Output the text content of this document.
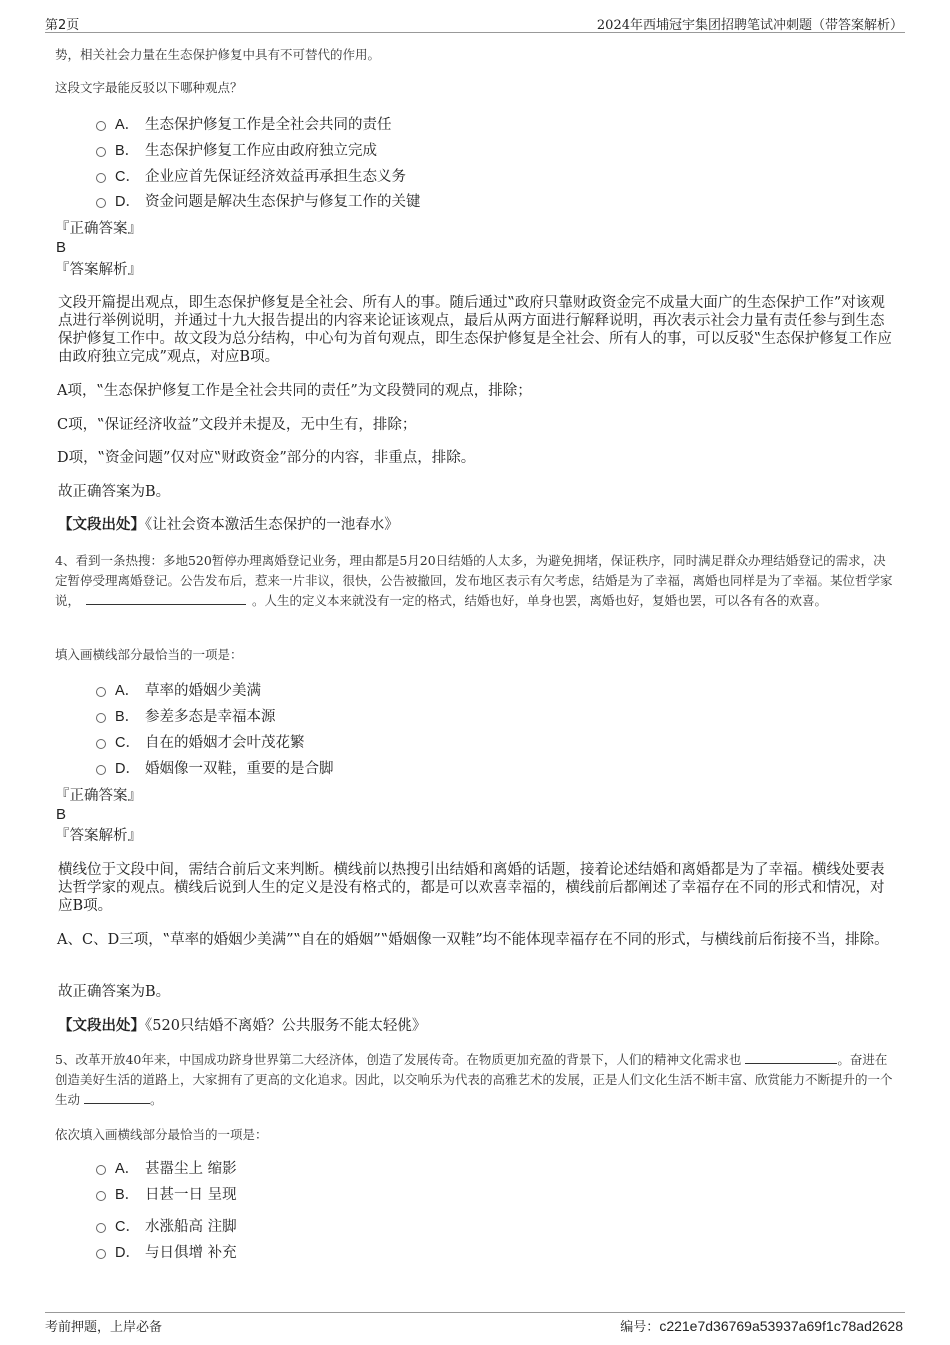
第2页	2024年西埔冠宇集团招聘笔试冲刺题（带答案解析）
势，相关社会力量在生态保护修复中具有不可替代的作用。
这段文字最能反驳以下哪种观点？
A． 生态保护修复工作是全社会共同的责任
B． 生态保护修复工作应由政府独立完成
C． 企业应首先保证经济效益再承担生态义务
D． 资金问题是解决生态保护与修复工作的关键
『正确答案』
B
『答案解析』
文段开篇提出观点，即生态保护修复是全社会、所有人的事。随后通过‟政府只靠财政资金完不成量大面广的生态保护工作”对该观点进行举例说明，并通过十九大报告提出的内容来论证该观点，最后从两方面进行解释说明，再次表示社会力量有责任参与到生态保护修复工作中。故文段为总分结构，中心句为首句观点，即生态保护修复是全社会、所有人的事，可以反驳‟生态保护修复工作应由政府独立完成”观点，对应B项。
A项，‟生态保护修复工作是全社会共同的责任”为文段赞同的观点，排除；
C项，‟保证经济收益”文段并未提及，无中生有，排除；
D项，‟资金问题”仅对应‟财政资金”部分的内容，非重点，排除。
故正确答案为B。
【文段出处】《让社会资本激活生态保护的一池春水》
4、看到一条热搜：多地520暂停办理离婚登记业务，理由都是5月20日结婚的人太多，为避免拥堵，保证秩序，同时满足群众办理结婚登记的需求，决定暂停受理离婚登记。公告发布后，惹来一片非议，很快，公告被撤回，发布地区表示有欠考虑，结婚是为了幸福，离婚也同样是为了幸福。某位哲学家说，	。人生的定义本来就没有一定的格式，结婚也好，单身也罢，离婚也好，复婚也罢，可以各有各的欢喜。
填入画横线部分最恰当的一项是：
A． 草率的婚姻少美满
B． 参差多态是幸福本源
C． 自在的婚姻才会叶茂花繁
D． 婚姻像一双鞋，重要的是合脚
『正确答案』
B
『答案解析』
横线位于文段中间，需结合前后文来判断。横线前以热搜引出结婚和离婚的话题，接着论述结婚和离婚都是为了幸福。横线处要表达哲学家的观点。横线后说到人生的定义是没有格式的，都是可以欢喜幸福的，横线前后都阐述了幸福存在不同的形式和情况，对应B项。
A、C、D三项，‟草率的婚姻少美满”‟自在的婚姻”‟婚姻像一双鞋”均不能体现幸福存在不同的形式，与横线前后衔接不当，排除。
故正确答案为B。
【文段出处】《520只结婚不离婚？公共服务不能太轻佻》
5、改革开放40年来，中国成功跻身世界第二大经济体，创造了发展传奇。在物质更加充盈的背景下，人们的精神文化需求也	。奋进在创造美好生活的道路上，大家拥有了更高的文化追求。因此，以交响乐为代表的高雅艺术的发展，正是人们文化生活不断丰富、欣赏能力不断提升的一个生动	。
依次填入画横线部分最恰当的一项是：
A． 甚嚣尘上 缩影
B． 日甚一日 呈现
C． 水涨船高 注脚
D． 与日俱增 补充
考前押题，上岸必备	编号：c221e7d36769a53937a69f1c78ad2628
